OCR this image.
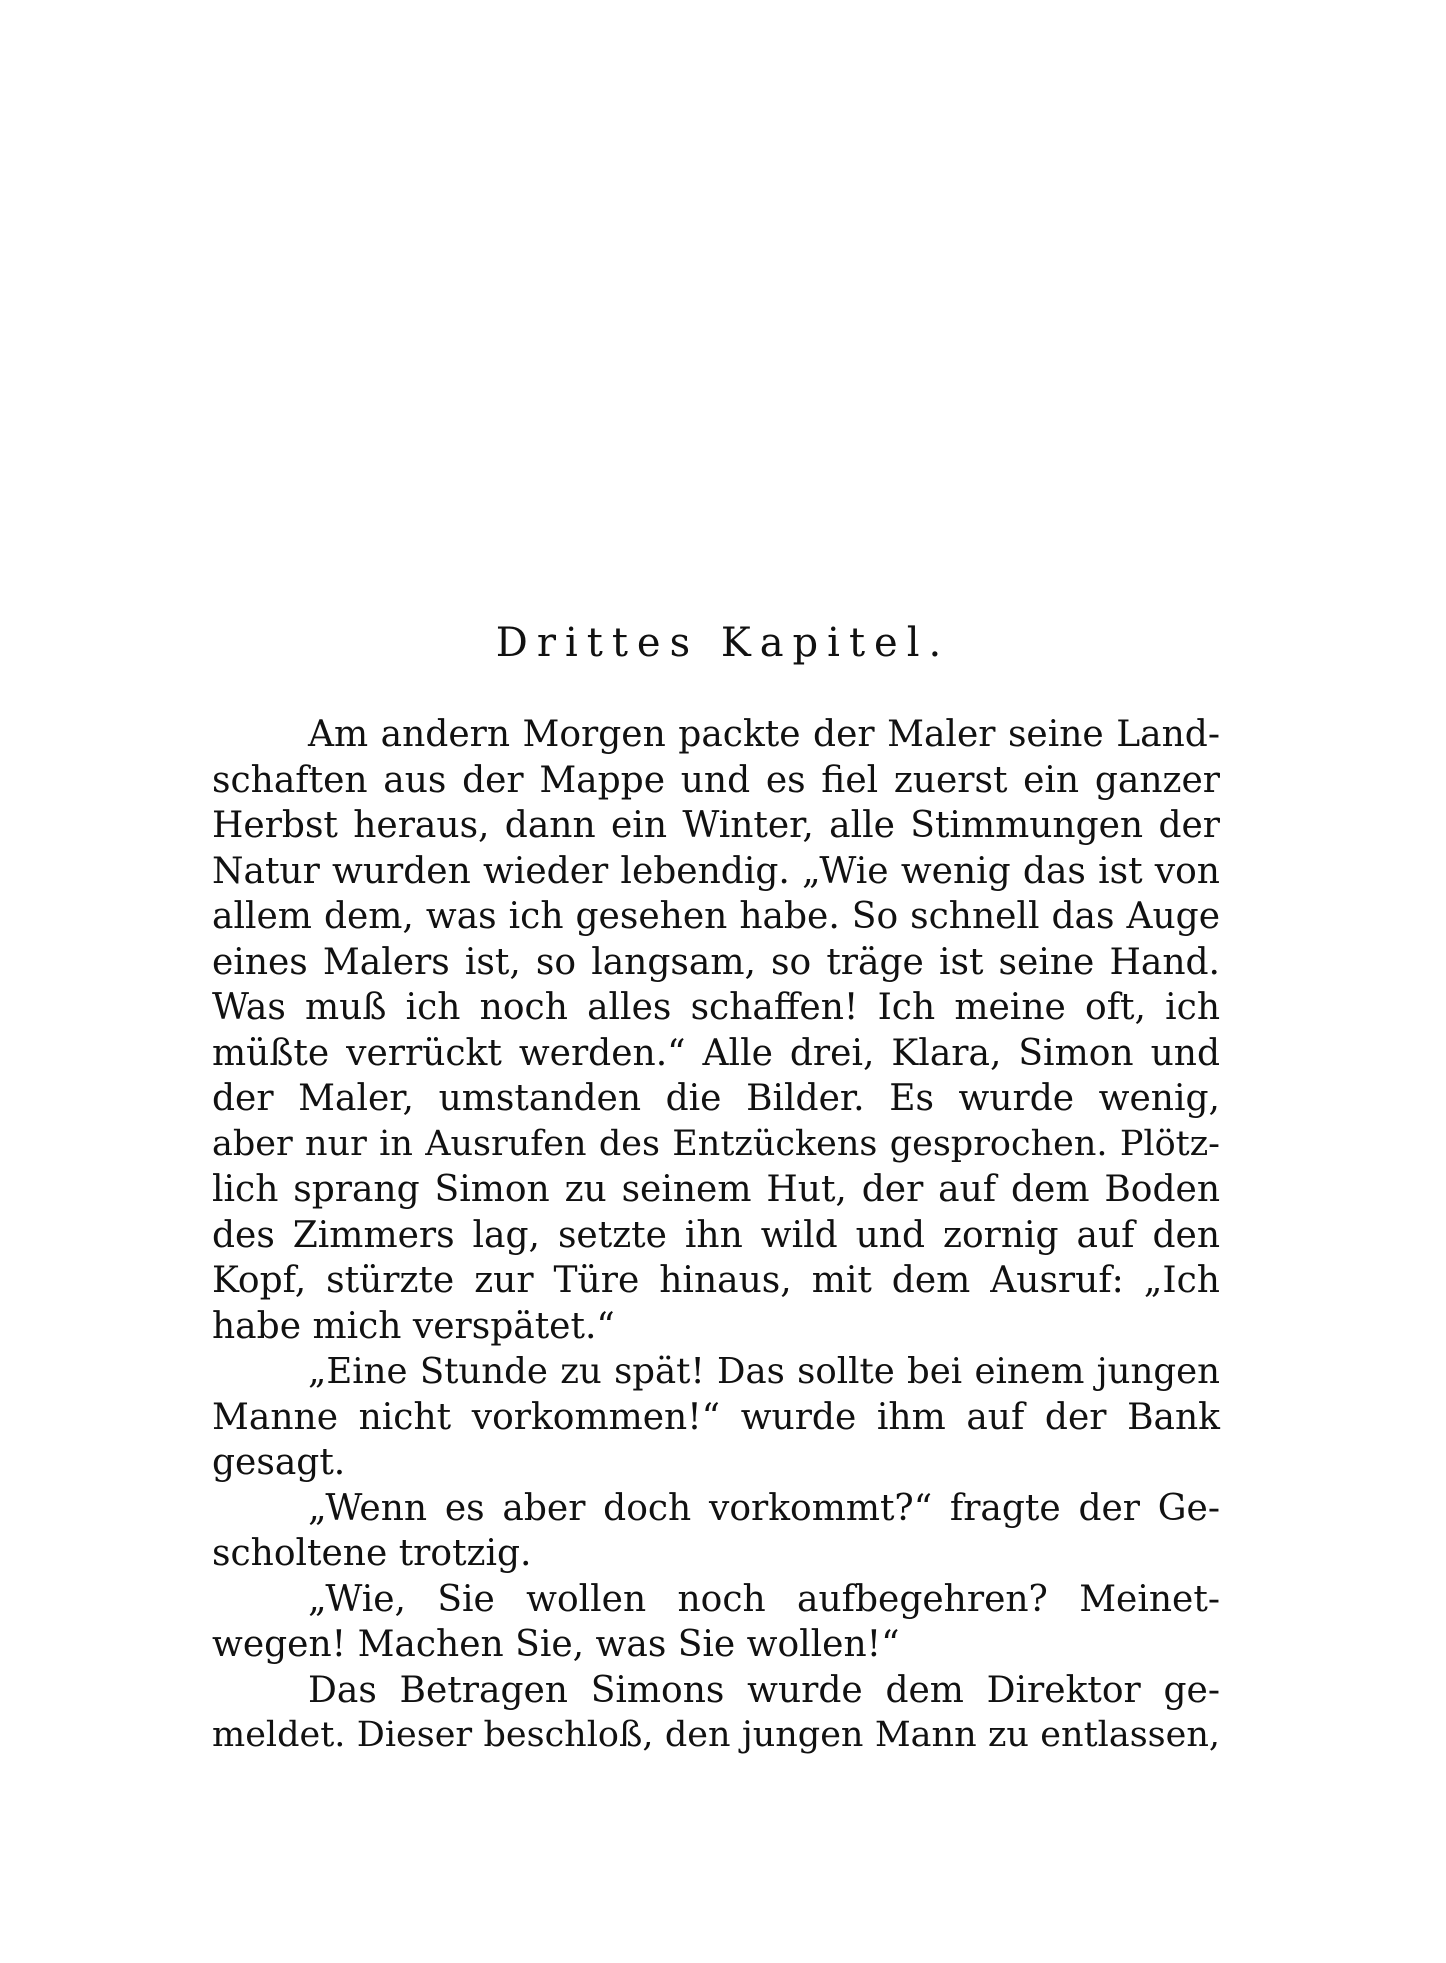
Drittes Kapitel.
Am andern Morgen packte der Maler seine Land-
schaften aus der Mappe und es fiel zuerst ein ganzer
Herbst heraus, dann ein Winter, alle Stimmungen der
Natur wurden wieder lebendig. „Wie wenig das ist von
allem dem, was ich gesehen habe. So schnell das Auge
eines Malers ist, so langsam, so träge ist seine Hand.
Was muß ich noch alles schaffen! Ich meine oft, ich
müßte verrückt werden.“ Alle drei, Klara, Simon und
der Maler, umstanden die Bilder. Es wurde wenig,
aber nur in Ausrufen des Entzückens gesprochen. Plötz-
lich sprang Simon zu seinem Hut, der auf dem Boden
des Zimmers lag, setzte ihn wild und zornig auf den
Kopf, stürzte zur Türe hinaus, mit dem Ausruf: „Ich
habe mich verspätet.“
„Eine Stunde zu spät! Das sollte bei einem jungen
Manne nicht vorkommen!“ wurde ihm auf der Bank
gesagt.
„Wenn es aber doch vorkommt?“ fragte der Ge-
scholtene trotzig.
„Wie, Sie wollen noch aufbegehren? Meinet-
wegen! Machen Sie, was Sie wollen!“
Das Betragen Simons wurde dem Direktor ge-
meldet. Dieser beschloß, den jungen Mann zu entlassen,
